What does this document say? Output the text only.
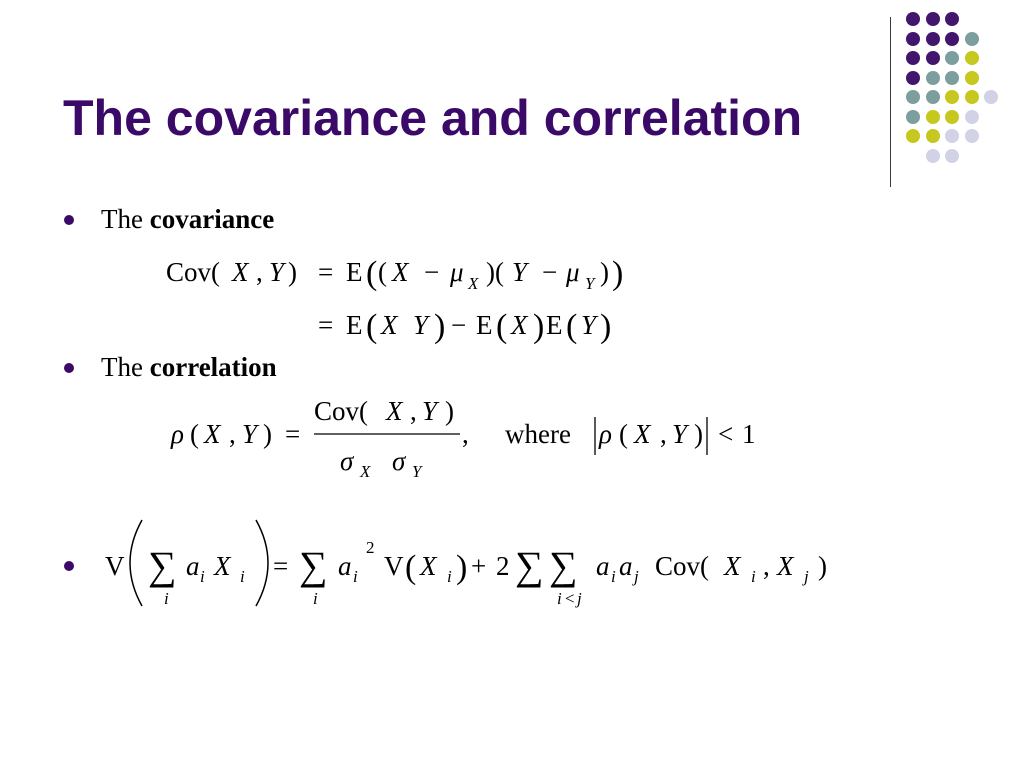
The covariance and correlation

The covariance

The correlation

Cov( X , Y ) = E ( ( X − μ X )( Y − μ Y ) )
= E ( X Y ) − E ( X ) E ( Y )
ρ ( X , Y ) =
Cov( X , Y )
σ X σ Y
, where ρ ( X , Y ) < 1
V ∑
i
a i X i = ∑
i
a i
2
V ( X i ) + 2 ∑ ∑
i < j
a i a j Cov( X i , X j )
